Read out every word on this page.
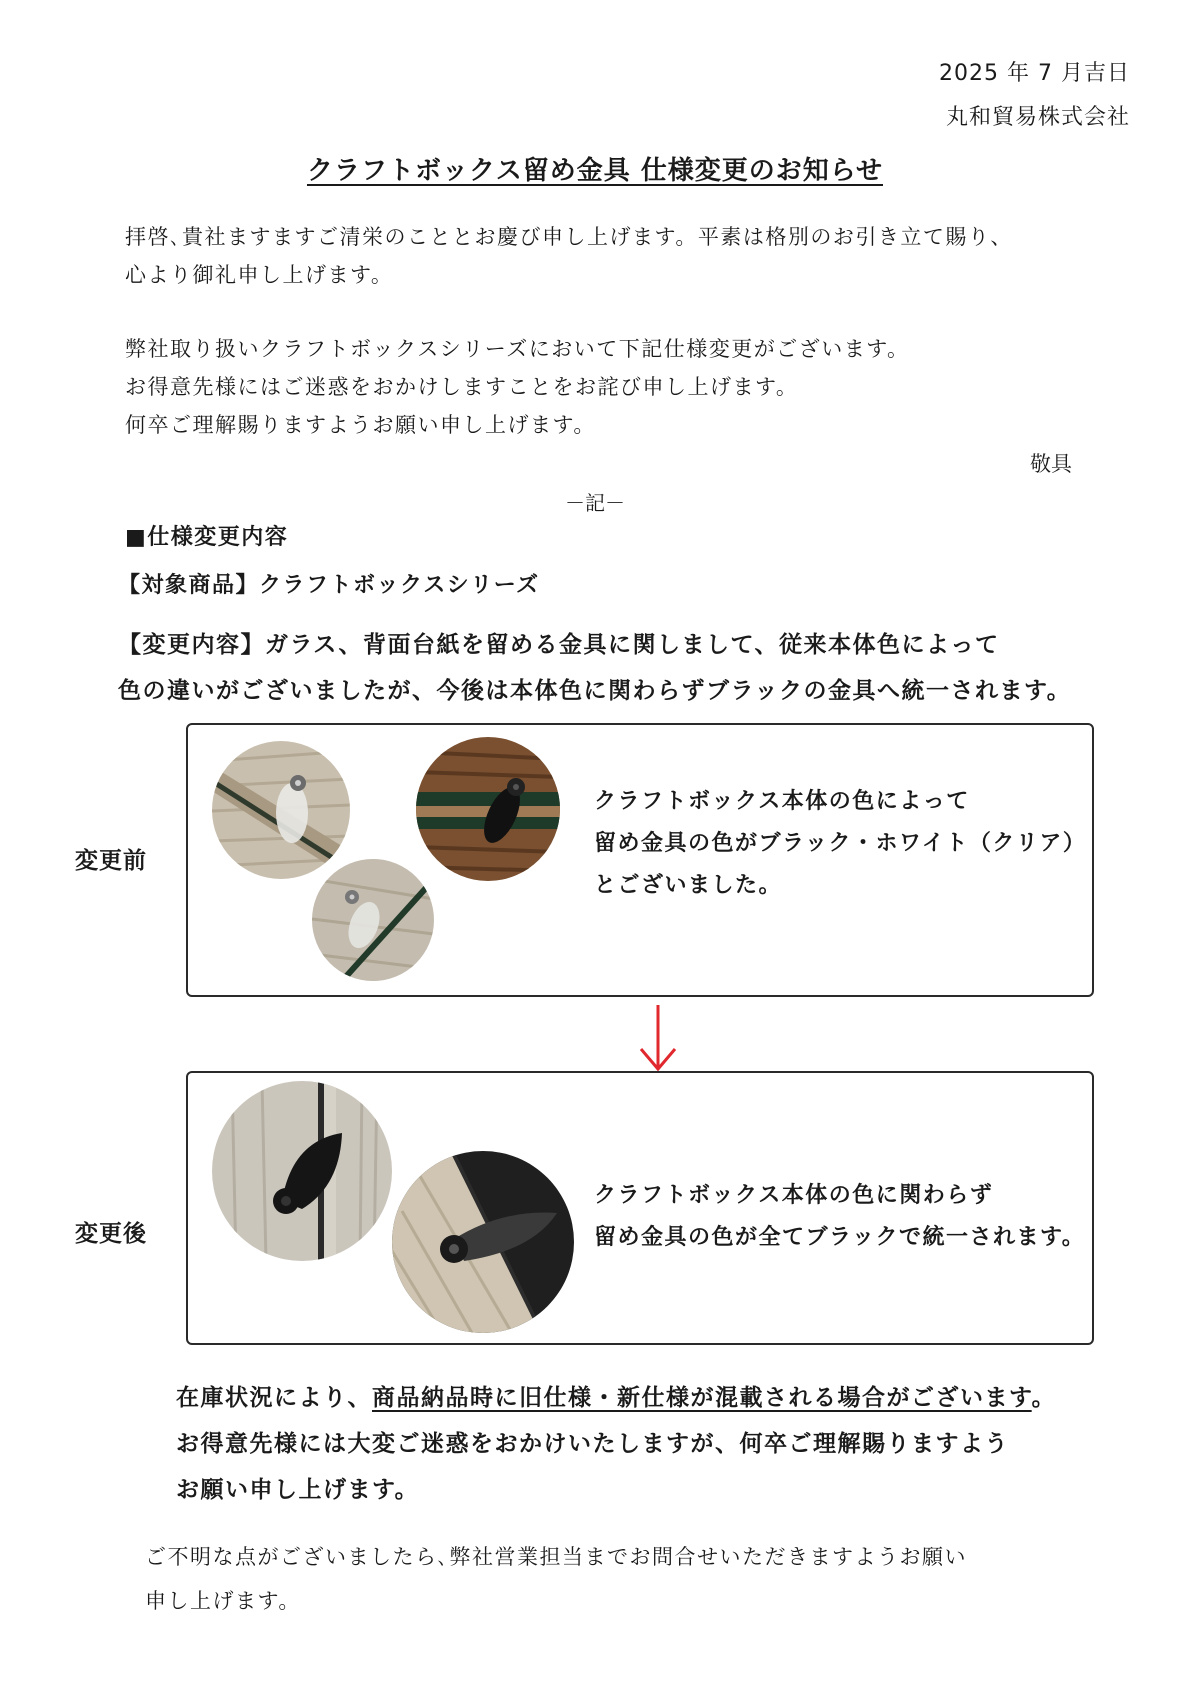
2025 年 7 月吉日
丸和貿易株式会社
クラフトボックス留め金具 仕様変更のお知らせ
拝啓､貴社ますますご清栄のこととお慶び申し上げます。平素は格別のお引き立て賜り、
心より御礼申し上げます。
弊社取り扱いクラフトボックスシリーズにおいて下記仕様変更がございます。
お得意先様にはご迷惑をおかけしますことをお詫び申し上げます。
何卒ご理解賜りますようお願い申し上げます。
敬具
－記－
■仕様変更内容
【対象商品】クラフトボックスシリーズ
【変更内容】ガラス、背面台紙を留める金具に関しまして、従来本体色によって
色の違いがございましたが、今後は本体色に関わらずブラックの金具へ統一されます。
変更前
クラフトボックス本体の色によって
留め金具の色がブラック・ホワイト（クリア）
とございました。
変更後
クラフトボックス本体の色に関わらず
留め金具の色が全てブラックで統一されます。
在庫状況により、商品納品時に旧仕様・新仕様が混載される場合がございます。
お得意先様には大変ご迷惑をおかけいたしますが、何卒ご理解賜りますよう
お願い申し上げます。
ご不明な点がございましたら､弊社営業担当までお問合せいただきますようお願い
申し上げます。
